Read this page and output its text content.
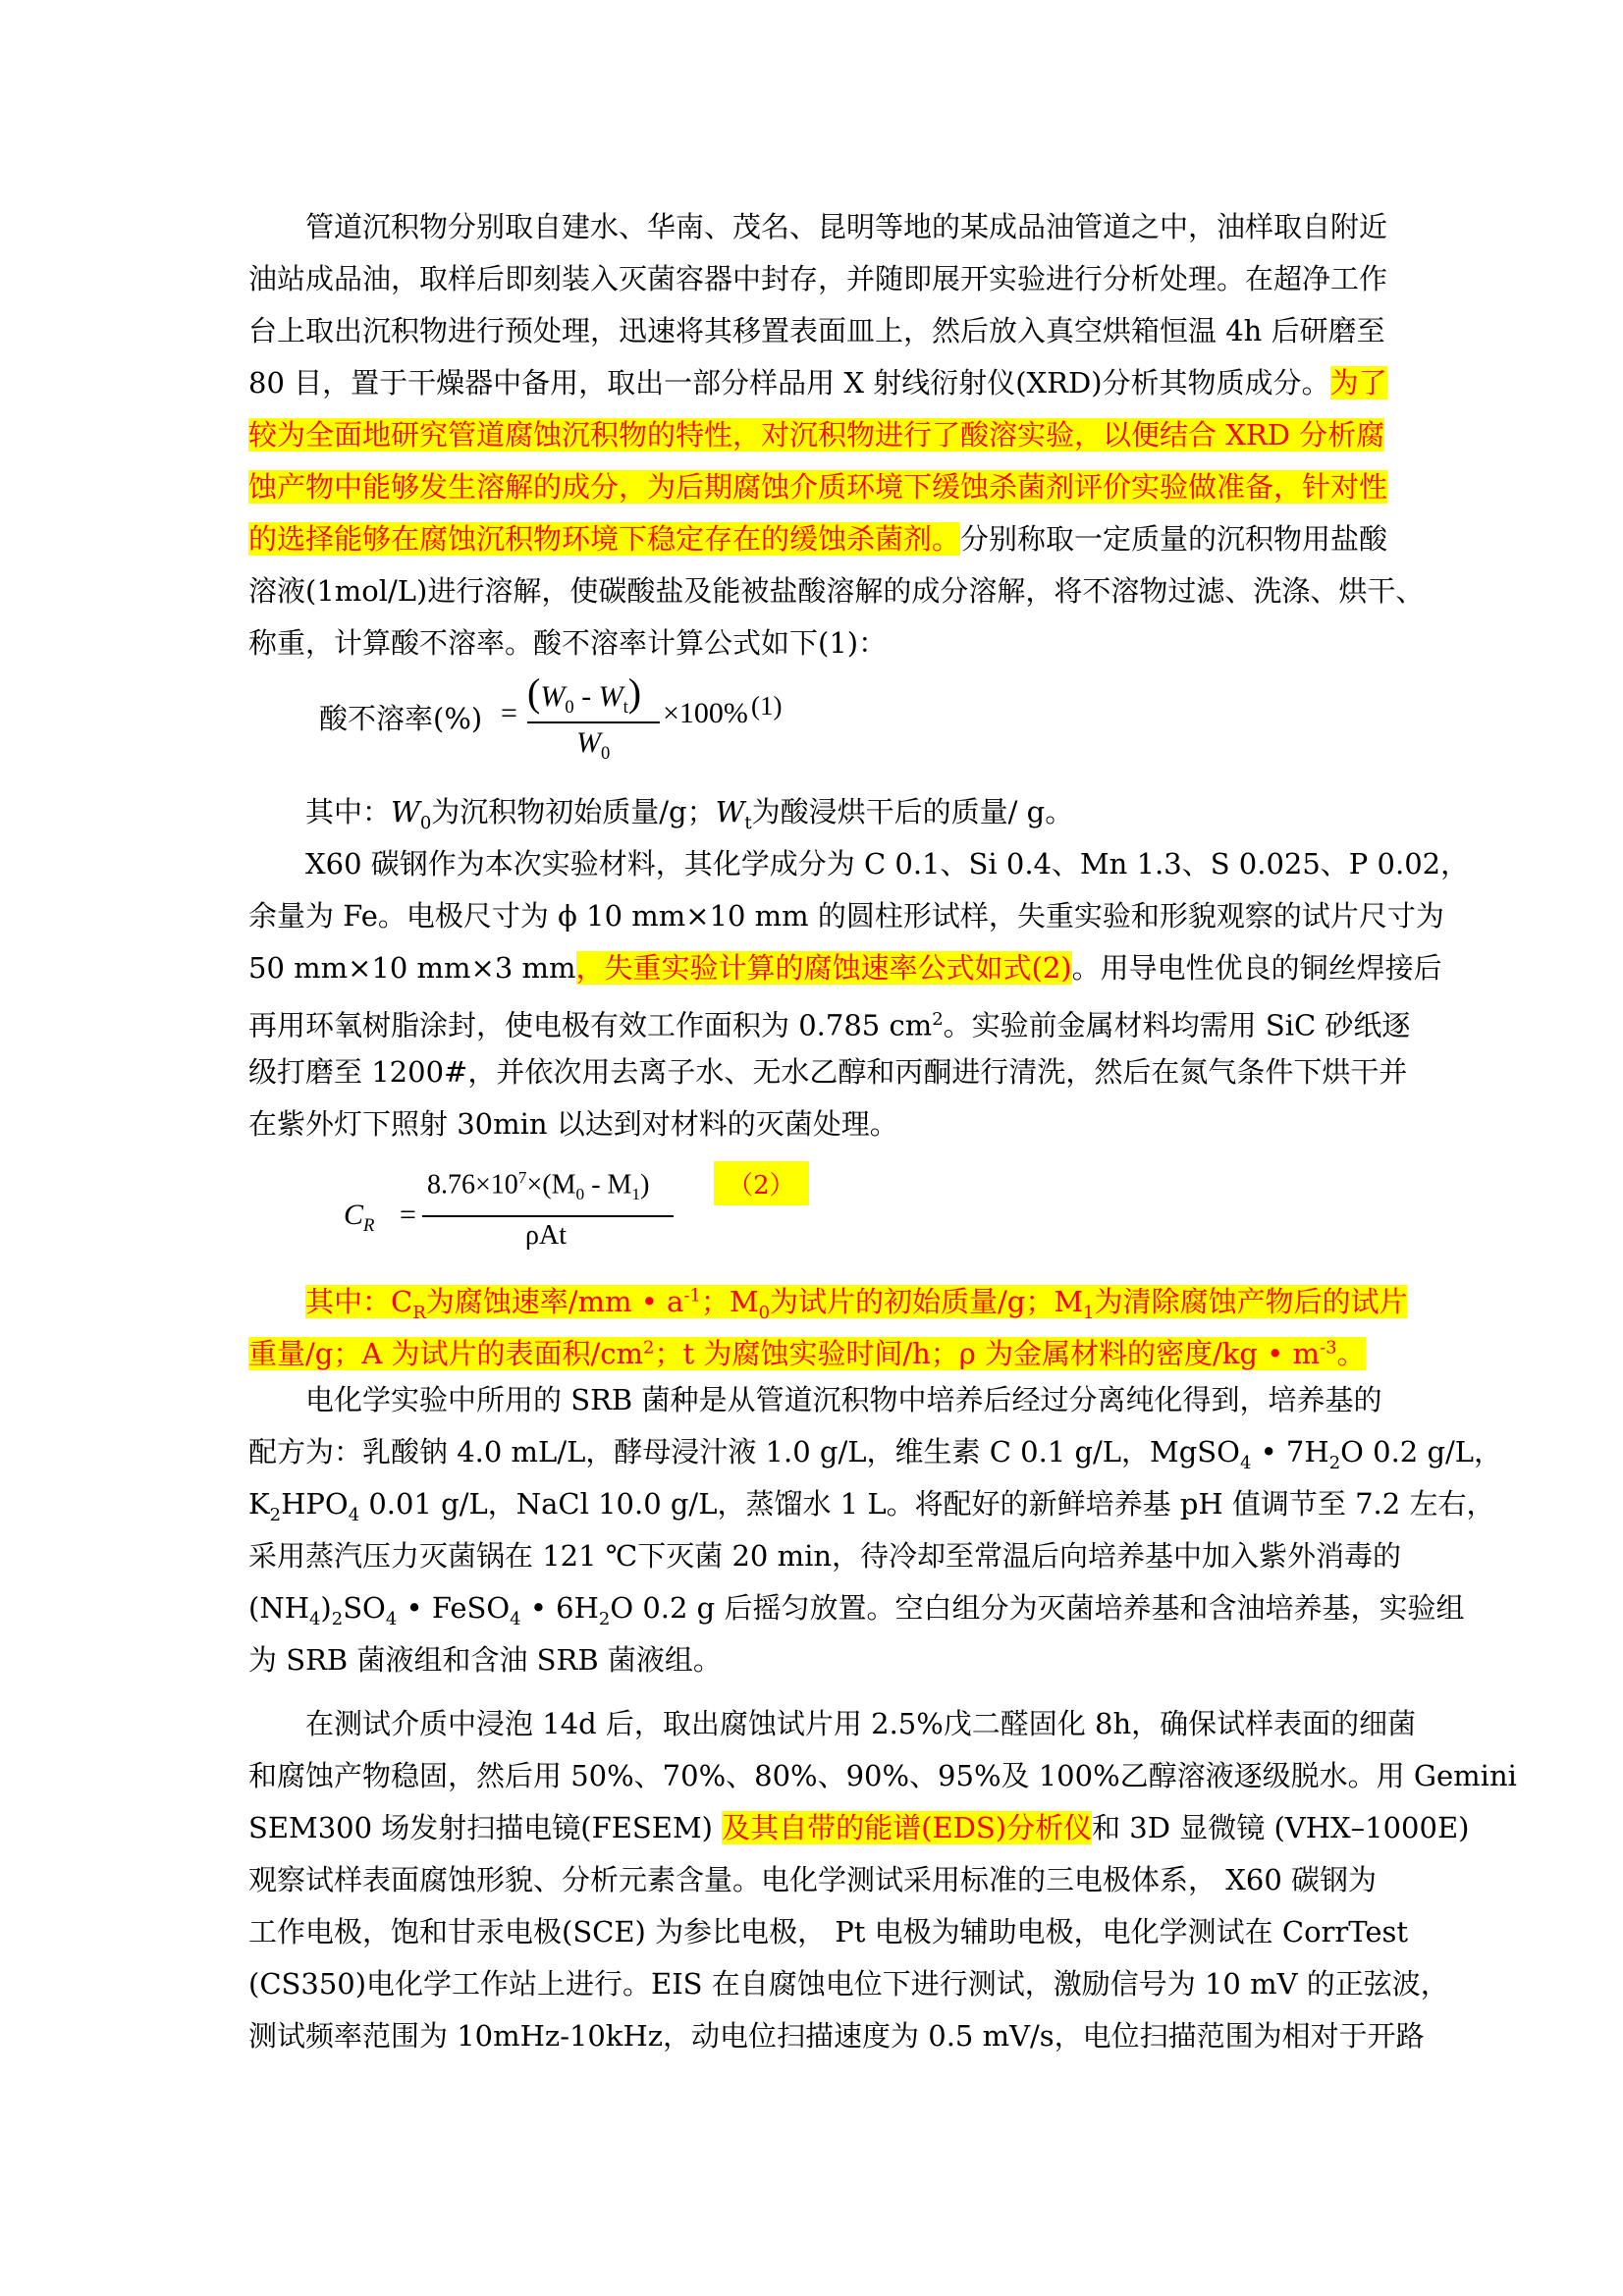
管道沉积物分别取自建水、华南、茂名、昆明等地的某成品油管道之中，油样取自附近
油站成品油，取样后即刻装入灭菌容器中封存，并随即展开实验进行分析处理。在超净工作
台上取出沉积物进行预处理，迅速将其移置表面皿上，然后放入真空烘箱恒温 4h 后研磨至
80 目，置于干燥器中备用，取出一部分样品用 X 射线衍射仪(XRD)分析其物质成分。为了
较为全面地研究管道腐蚀沉积物的特性，对沉积物进行了酸溶实验，以便结合 XRD 分析腐
蚀产物中能够发生溶解的成分，为后期腐蚀介质环境下缓蚀杀菌剂评价实验做准备，针对性
的选择能够在腐蚀沉积物环境下稳定存在的缓蚀杀菌剂。分别称取一定质量的沉积物用盐酸
溶液(1mol/L)进行溶解，使碳酸盐及能被盐酸溶解的成分溶解，将不溶物过滤、洗涤、烘干、
称重，计算酸不溶率。酸不溶率计算公式如下(1)：
酸不溶率(%) = $(W_0 - W_t)$
$W_0$
×100% (1)
其中：$W_0$为沉积物初始质量/g；$W_t$为酸浸烘干后的质量/ g。
X60 碳钢作为本次实验材料，其化学成分为 C 0.1、Si 0.4、Mn 1.3、S 0.025、P 0.02，
余量为 Fe。电极尺寸为 ϕ 10 mm×10 mm 的圆柱形试样，失重实验和形貌观察的试片尺寸为
50 mm×10 mm×3 mm，失重实验计算的腐蚀速率公式如式(2)。用导电性优良的铜丝焊接后
再用环氧树脂涂封，使电极有效工作面积为 0.785 $cm^2$。实验前金属材料均需用 SiC 砂纸逐
级打磨至 1200#，并依次用去离子水、无水乙醇和丙酮进行清洗，然后在氮气条件下烘干并
在紫外灯下照射 30min 以达到对材料的灭菌处理。
$C_R$ =
$8.76\times 10^7\times(M_0 - M_1)$
ρAt
（2）
其中：$C_R$为腐蚀速率/mm • $a^{-1}$；$M_0$为试片的初始质量/g；$M_1$为清除腐蚀产物后的试片
重量/g；A 为试片的表面积$/cm^2$；t 为腐蚀实验时间/h；ρ 为金属材料的密度/kg • $m^{-3}$。
电化学实验中所用的 SRB 菌种是从管道沉积物中培养后经过分离纯化得到，培养基的
配方为：乳酸钠 4.0 mL/L，酵母浸汁液 1.0 g/L，维生素 C 0.1 g/L，MgSO$_4$ • $7H_2O$ 0.2 g/L，
$K_2HPO_4$ 0.01 g/L，NaCl 10.0 g/L，蒸馏水 1 L。将配好的新鲜培养基 pH 值调节至 7.2 左右，
采用蒸汽压力灭菌锅在 121 ℃下灭菌 20 min，待冷却至常温后向培养基中加入紫外消毒的
$(NH_4)_2SO_4$ • FeSO$_4$ • $6H_2O$ 0.2 g 后摇匀放置。空白组分为灭菌培养基和含油培养基，实验组
为 SRB 菌液组和含油 SRB 菌液组。
在测试介质中浸泡 14d 后，取出腐蚀试片用 2.5%戊二醛固化 8h，确保试样表面的细菌
和腐蚀产物稳固，然后用 50%、70%、80%、90%、95%及 100%乙醇溶液逐级脱水。用 Gemini
SEM300 场发射扫描电镜(FESEM) 及其自带的能谱(EDS)分析仪和 3D 显微镜 (VHX–1000E)
观察试样表面腐蚀形貌、分析元素含量。电化学测试采用标准的三电极体系， X60 碳钢为
工作电极，饱和甘汞电极(SCE) 为参比电极， Pt 电极为辅助电极，电化学测试在 CorrTest
(CS350)电化学工作站上进行。EIS 在自腐蚀电位下进行测试，激励信号为 10 mV 的正弦波，
测试频率范围为 10mHz-10kHz，动电位扫描速度为 0.5 mV/s，电位扫描范围为相对于开路
